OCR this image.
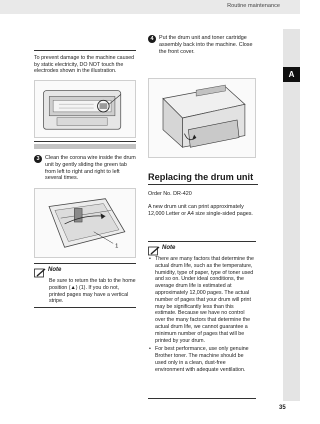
Routine maintenance
A
To prevent damage to the machine caused by static electricity, DO NOT touch the electrodes shown in the illustration.
3	Clean the corona wire inside the drum unit by gently sliding the green tab from left to right and right to left several times.
1
Note
Be sure to return the tab to the home position (▲) (1). If you do not, printed pages may have a vertical stripe.
4	Put the drum unit and toner cartridge assembly back into the machine. Close the front cover.
Replacing the drum unit
Order No. DR-420
A new drum unit can print approximately 12,000 Letter or A4 size single-sided pages.
Note
• There are many factors that determine the actual drum life, such as the temperature, humidity, type of paper, type of toner used and so on. Under ideal conditions, the average drum life is estimated at approximately 12,000 pages. The actual number of pages that your drum will print may be significantly less than this estimate. Because we have no control over the many factors that determine the actual drum life, we cannot guarantee a minimum number of pages that will be printed by your drum.
• For best performance, use only genuine Brother toner. The machine should be used only in a clean, dust-free environment with adequate ventilation.
35
